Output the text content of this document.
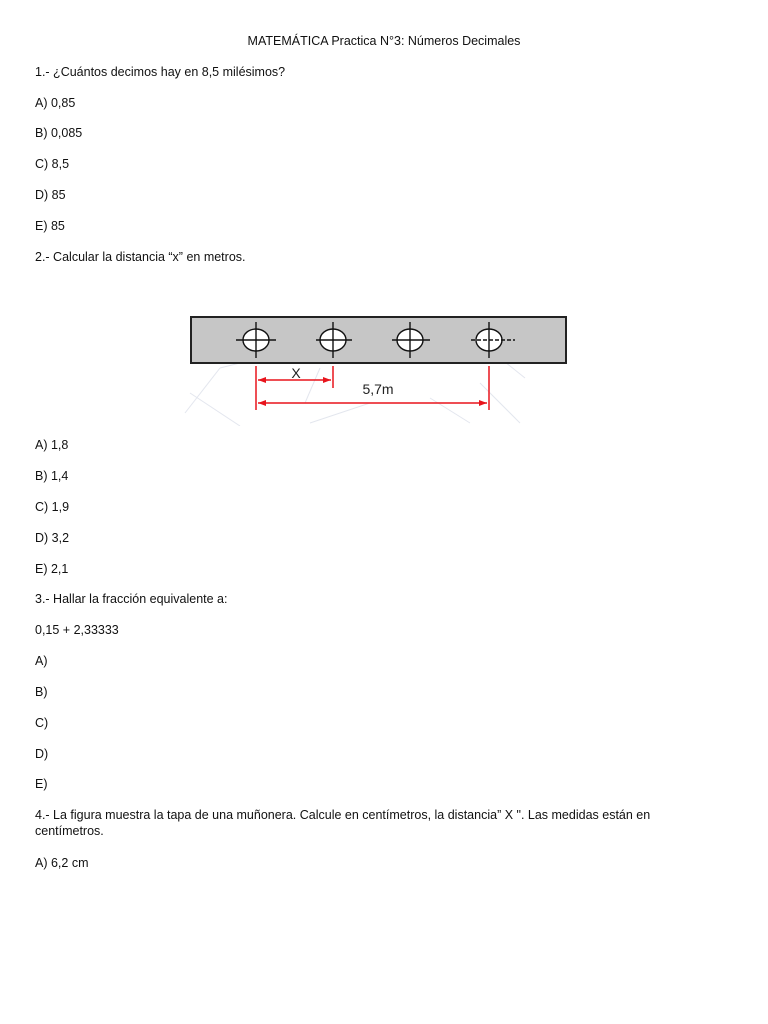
MATEMÁTICA Practica N°3: Números Decimales
1.- ¿Cuántos decimos hay en 8,5 milésimos?
A) 0,85
B) 0,085
C) 8,5
D) 85
E) 85
2.- Calcular la distancia “x” en metros.
X
5,7m
A) 1,8
B) 1,4
C) 1,9
D) 3,2
E) 2,1
3.- Hallar la fracción equivalente a:
0,15 + 2,33333
A)
B)
C)
D)
E)
4.- La figura muestra la tapa de una muñonera. Calcule en centímetros, la distancia” X ". Las medidas están en centímetros.
A) 6,2 cm
